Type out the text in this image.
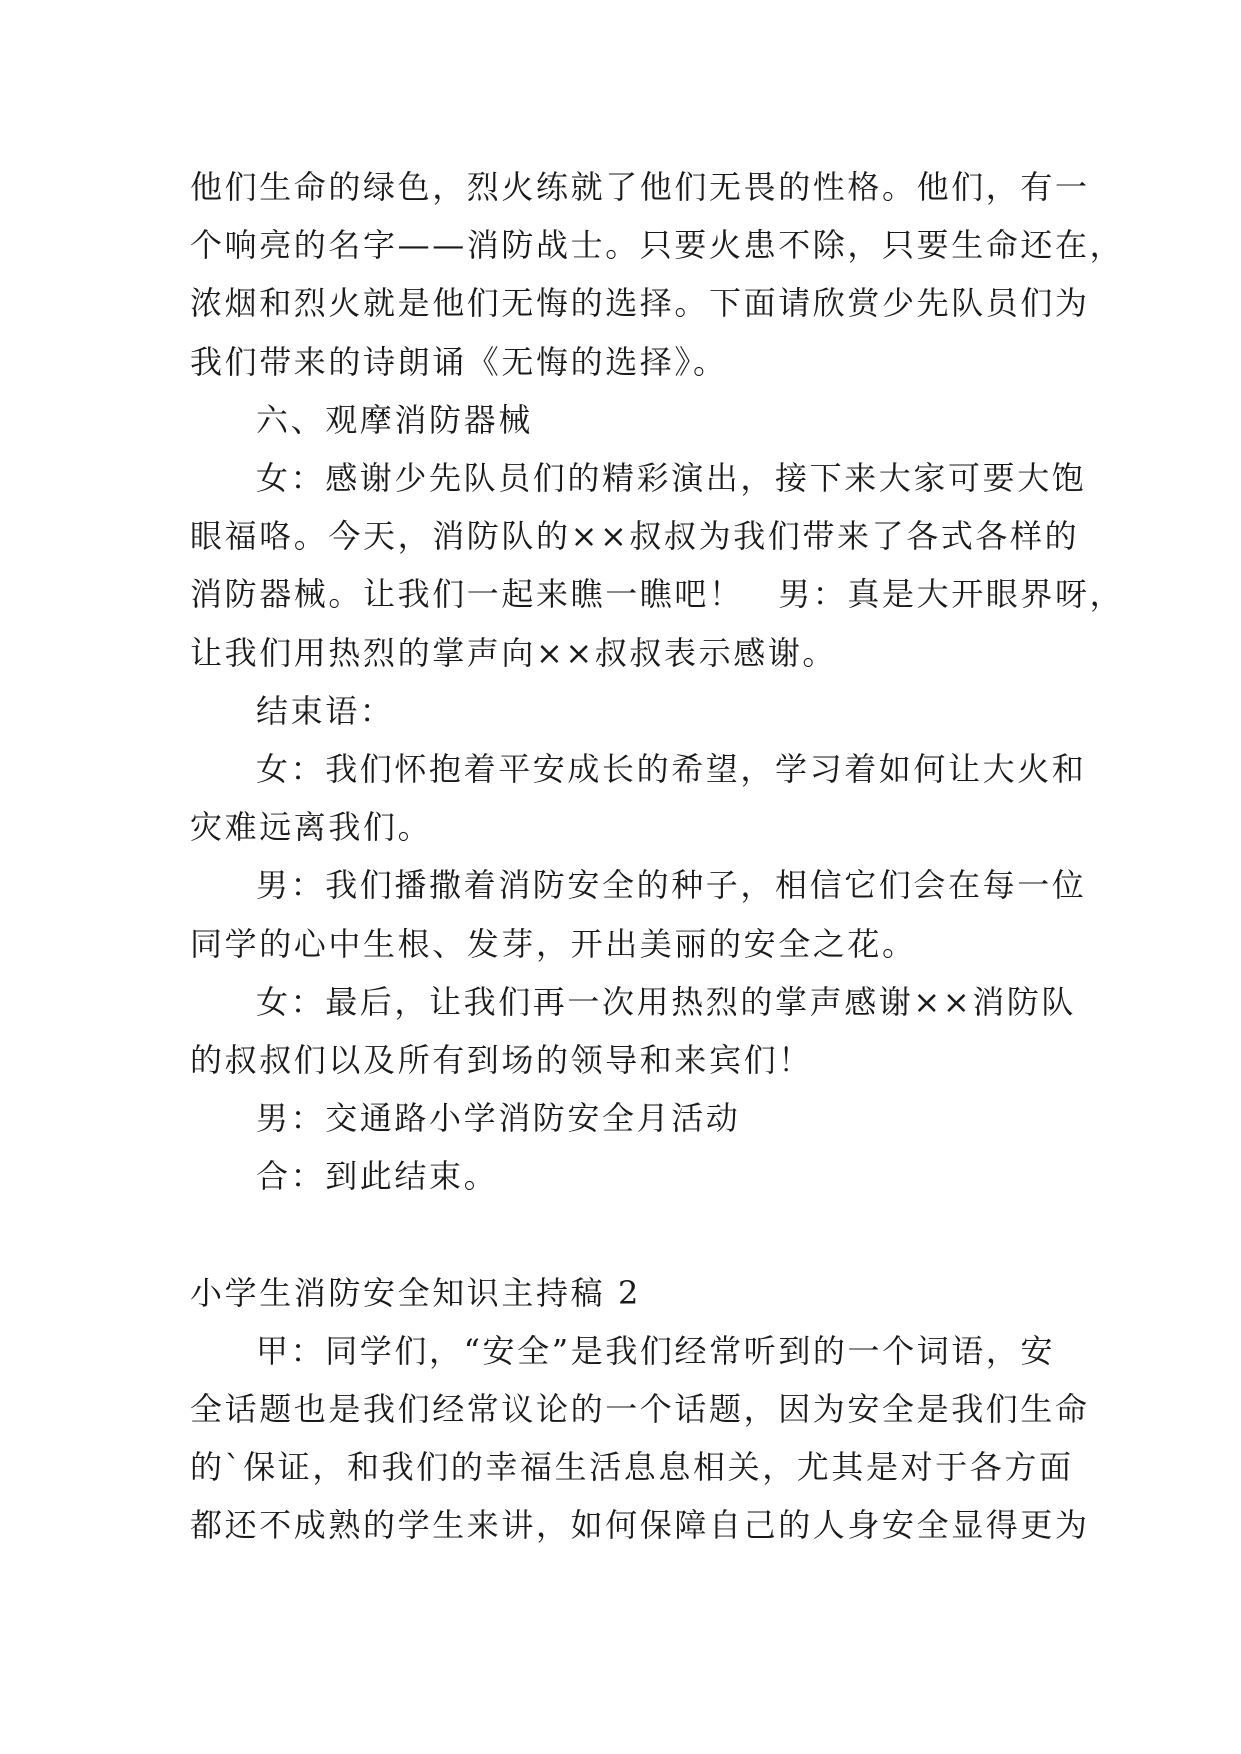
他们生命的绿色，烈火练就了他们无畏的性格。他们，有一
个响亮的名字——消防战士。只要火患不除，只要生命还在，
浓烟和烈火就是他们无悔的选择。下面请欣赏少先队员们为
我们带来的诗朗诵《无悔的选择》。

六、观摩消防器械

女：感谢少先队员们的精彩演出，接下来大家可要大饱
眼福咯。今天，消防队的××叔叔为我们带来了各式各样的
消防器械。让我们一起来瞧一瞧吧！　男：真是大开眼界呀，
让我们用热烈的掌声向××叔叔表示感谢。

结束语：

女：我们怀抱着平安成长的希望，学习着如何让大火和
灾难远离我们。

男：我们播撒着消防安全的种子，相信它们会在每一位
同学的心中生根、发芽，开出美丽的安全之花。

女：最后，让我们再一次用热烈的掌声感谢××消防队
的叔叔们以及所有到场的领导和来宾们！

男：交通路小学消防安全月活动

合：到此结束。

小学生消防安全知识主持稿 2

甲：同学们，“安全”是我们经常听到的一个词语，安
全话题也是我们经常议论的一个话题，因为安全是我们生命
的`保证，和我们的幸福生活息息相关，尤其是对于各方面
都还不成熟的学生来讲，如何保障自己的人身安全显得更为
